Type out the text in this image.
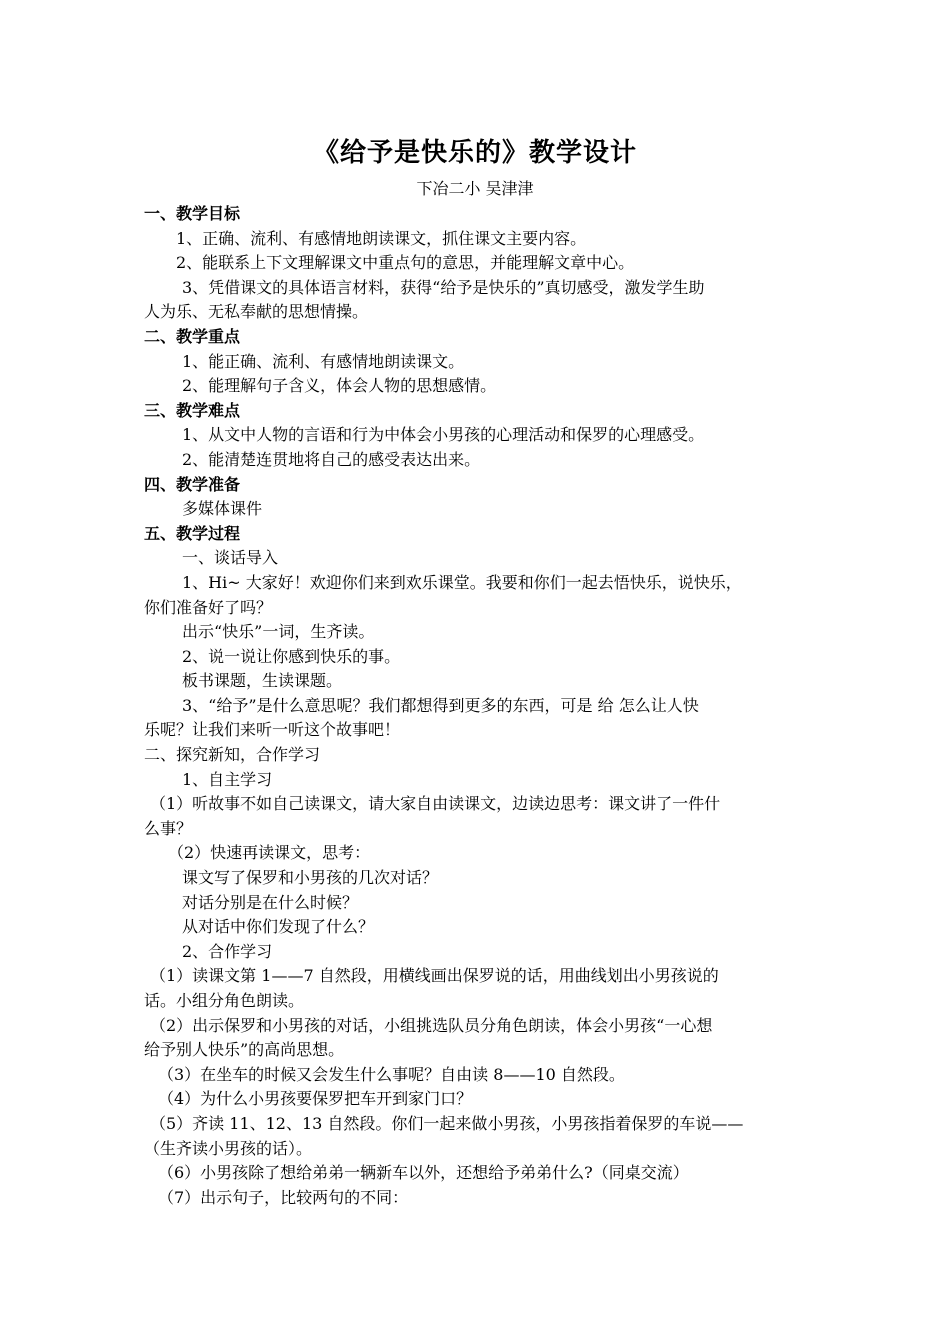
《给予是快乐的》教学设计
下冶二小 吴津津
一、教学目标
1、正确、流利、有感情地朗读课文，抓住课文主要内容。
2、能联系上下文理解课文中重点句的意思，并能理解文章中心。
3、凭借课文的具体语言材料，获得“给予是快乐的”真切感受，激发学生助
人为乐、无私奉献的思想情操。
二、教学重点
1、能正确、流利、有感情地朗读课文。
2、能理解句子含义，体会人物的思想感情。
三、教学难点
1、从文中人物的言语和行为中体会小男孩的心理活动和保罗的心理感受。
2、能清楚连贯地将自己的感受表达出来。
四、教学准备
多媒体课件
五、教学过程
一、谈话导入
1、Hi~ 大家好！欢迎你们来到欢乐课堂。我要和你们一起去悟快乐，说快乐，
你们准备好了吗？
出示“快乐”一词，生齐读。
2、说一说让你感到快乐的事。
板书课题，生读课题。
3、“给予”是什么意思呢？我们都想得到更多的东西，可是 给 怎么让人快
乐呢？让我们来听一听这个故事吧！
二、探究新知，合作学习
1、自主学习
（1）听故事不如自己读课文，请大家自由读课文，边读边思考：课文讲了一件什
么事？
（2）快速再读课文，思考：
课文写了保罗和小男孩的几次对话？
对话分别是在什么时候？
从对话中你们发现了什么？
2、合作学习
（1）读课文第 1——7 自然段，用横线画出保罗说的话，用曲线划出小男孩说的
话。小组分角色朗读。
（2）出示保罗和小男孩的对话，小组挑选队员分角色朗读，体会小男孩“一心想
给予别人快乐”的高尚思想。
（3）在坐车的时候又会发生什么事呢？自由读 8——10 自然段。
（4）为什么小男孩要保罗把车开到家门口？
（5）齐读 11、12、13 自然段。你们一起来做小男孩，小男孩指着保罗的车说——
（生齐读小男孩的话）。
（6）小男孩除了想给弟弟一辆新车以外，还想给予弟弟什么?（同桌交流）
（7）出示句子，比较两句的不同：
